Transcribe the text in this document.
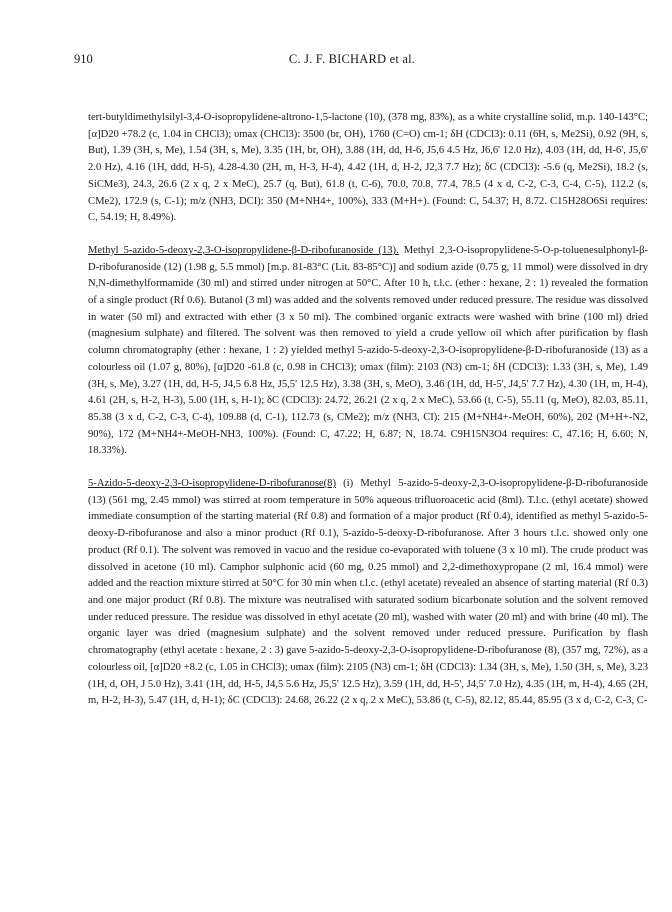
910	C. J. F. BICHARD et al.

tert-butyldimethylsilyl-3,4-O-isopropylidene-altrono-1,5-lactone (10), (378 mg, 83%), as a white crystalline solid, m.p. 140-143°C; [α]D20 +78.2 (c, 1.04 in CHCl3); υmax (CHCl3): 3500 (br, OH), 1760 (C=O) cm-1; δH (CDCl3): 0.11 (6H, s, Me2Si), 0.92 (9H, s, But), 1.39 (3H, s, Me), 1.54 (3H, s, Me), 3.35 (1H, br, OH), 3.88 (1H, dd, H-6, J5,6 4.5 Hz, J6,6' 12.0 Hz), 4.03 (1H, dd, H-6', J5,6' 2.0 Hz), 4.16 (1H, ddd, H-5), 4.28-4.30 (2H, m, H-3, H-4), 4.42 (1H, d, H-2, J2,3 7.7 Hz); δC (CDCl3): -5.6 (q, Me2Si), 18.2 (s, SiCMe3), 24.3, 26.6 (2 x q, 2 x MeC), 25.7 (q, But), 61.8 (t, C-6), 70.0, 70.8, 77.4, 78.5 (4 x d, C-2, C-3, C-4, C-5), 112.2 (s, CMe2), 172.9 (s, C-1); m/z (NH3, DCI): 350 (M+NH4+, 100%), 333 (M+H+). (Found: C, 54.37; H, 8.72. C15H28O6Si requires: C, 54.19; H, 8.49%).

Methyl 5-azido-5-deoxy-2,3-O-isopropylidene-β-D-ribofuranoside (13). Methyl 2,3-O-isopropylidene-5-O-p-toluenesulphonyl-β-D-ribofuranoside (12) (1.98 g, 5.5 mmol) [m.p. 81-83°C (Lit. 83-85°C)] and sodium azide (0.75 g, 11 mmol) were dissolved in dry N,N-dimethylformamide (30 ml) and stirred under nitrogen at 50°C. After 10 h, t.l.c. (ether : hexane, 2 : 1) revealed the formation of a single product (Rf 0.6). Butanol (3 ml) was added and the solvents removed under reduced pressure. The residue was dissolved in water (50 ml) and extracted with ether (3 x 50 ml). The combined organic extracts were washed with brine (100 ml) dried (magnesium sulphate) and filtered. The solvent was then removed to yield a crude yellow oil which after purification by flash column chromatography (ether : hexane, 1 : 2) yielded methyl 5-azido-5-deoxy-2,3-O-isopropylidene-β-D-ribofuranoside (13) as a colourless oil (1.07 g, 80%), [α]D20 -61.8 (c, 0.98 in CHCl3); υmax (film): 2103 (N3) cm-1; δH (CDCl3): 1.33 (3H, s, Me), 1.49 (3H, s, Me), 3.27 (1H, dd, H-5, J4,5 6.8 Hz, J5,5' 12.5 Hz), 3.38 (3H, s, MeO), 3.46 (1H, dd, H-5', J4,5' 7.7 Hz), 4.30 (1H, m, H-4), 4.61 (2H, s, H-2, H-3), 5.00 (1H, s, H-1); δC (CDCl3): 24.72, 26.21 (2 x q, 2 x MeC), 53.66 (t, C-5), 55.11 (q, MeO), 82.03, 85.11, 85.38 (3 x d, C-2, C-3, C-4), 109.88 (d, C-1), 112.73 (s, CMe2); m/z (NH3, CI): 215 (M+NH4+-MeOH, 60%), 202 (M+H+-N2, 90%), 172 (M+NH4+-MeOH-NH3, 100%). (Found: C, 47.22; H, 6.87; N, 18.74. C9H15N3O4 requires: C, 47.16; H, 6.60; N, 18.33%).

5-Azido-5-deoxy-2,3-O-isopropylidene-D-ribofuranose(8) (i) Methyl 5-azido-5-deoxy-2,3-O-isopropylidene-β-D-ribofuranoside (13) (561 mg, 2.45 mmol) was stirred at room temperature in 50% aqueous trifluoroacetic acid (8ml). T.l.c. (ethyl acetate) showed immediate consumption of the starting material (Rf 0.8) and formation of a major product (Rf 0.4), identified as methyl 5-azido-5-deoxy-D-ribofuranose and also a minor product (Rf 0.1), 5-azido-5-deoxy-D-ribofuranose. After 3 hours t.l.c. showed only one product (Rf 0.1). The solvent was removed in vacuo and the residue co-evaporated with toluene (3 x 10 ml). The crude product was dissolved in acetone (10 ml). Camphor sulphonic acid (60 mg, 0.25 mmol) and 2,2-dimethoxypropane (2 ml, 16.4 mmol) were added and the reaction mixture stirred at 50°C for 30 min when t.l.c. (ethyl acetate) revealed an absence of starting material (Rf 0.3) and one major product (Rf 0.8). The mixture was neutralised with saturated sodium bicarbonate solution and the solvent removed under reduced pressure. The residue was dissolved in ethyl acetate (20 ml), washed with water (20 ml) and with brine (40 ml). The organic layer was dried (magnesium sulphate) and the solvent removed under reduced pressure. Purification by flash chromatography (ethyl acetate : hexane, 2 : 3) gave 5-azido-5-deoxy-2,3-O-isopropylidene-D-ribofuranose (8), (357 mg, 72%), as a colourless oil, [α]D20 +8.2 (c, 1.05 in CHCl3); υmax (film): 2105 (N3) cm-1; δH (CDCl3): 1.34 (3H, s, Me), 1.50 (3H, s, Me), 3.23 (1H, d, OH, J 5.0 Hz), 3.41 (1H, dd, H-5, J4,5 5.6 Hz, J5,5' 12.5 Hz), 3.59 (1H, dd, H-5', J4,5' 7.0 Hz), 4.35 (1H, m, H-4), 4.65 (2H, m, H-2, H-3), 5.47 (1H, d, H-1); δC (CDCl3): 24.68, 26.22 (2 x q, 2 x MeC), 53.86 (t, C-5), 82.12, 85.44, 85.95 (3 x d, C-2, C-3, C-
